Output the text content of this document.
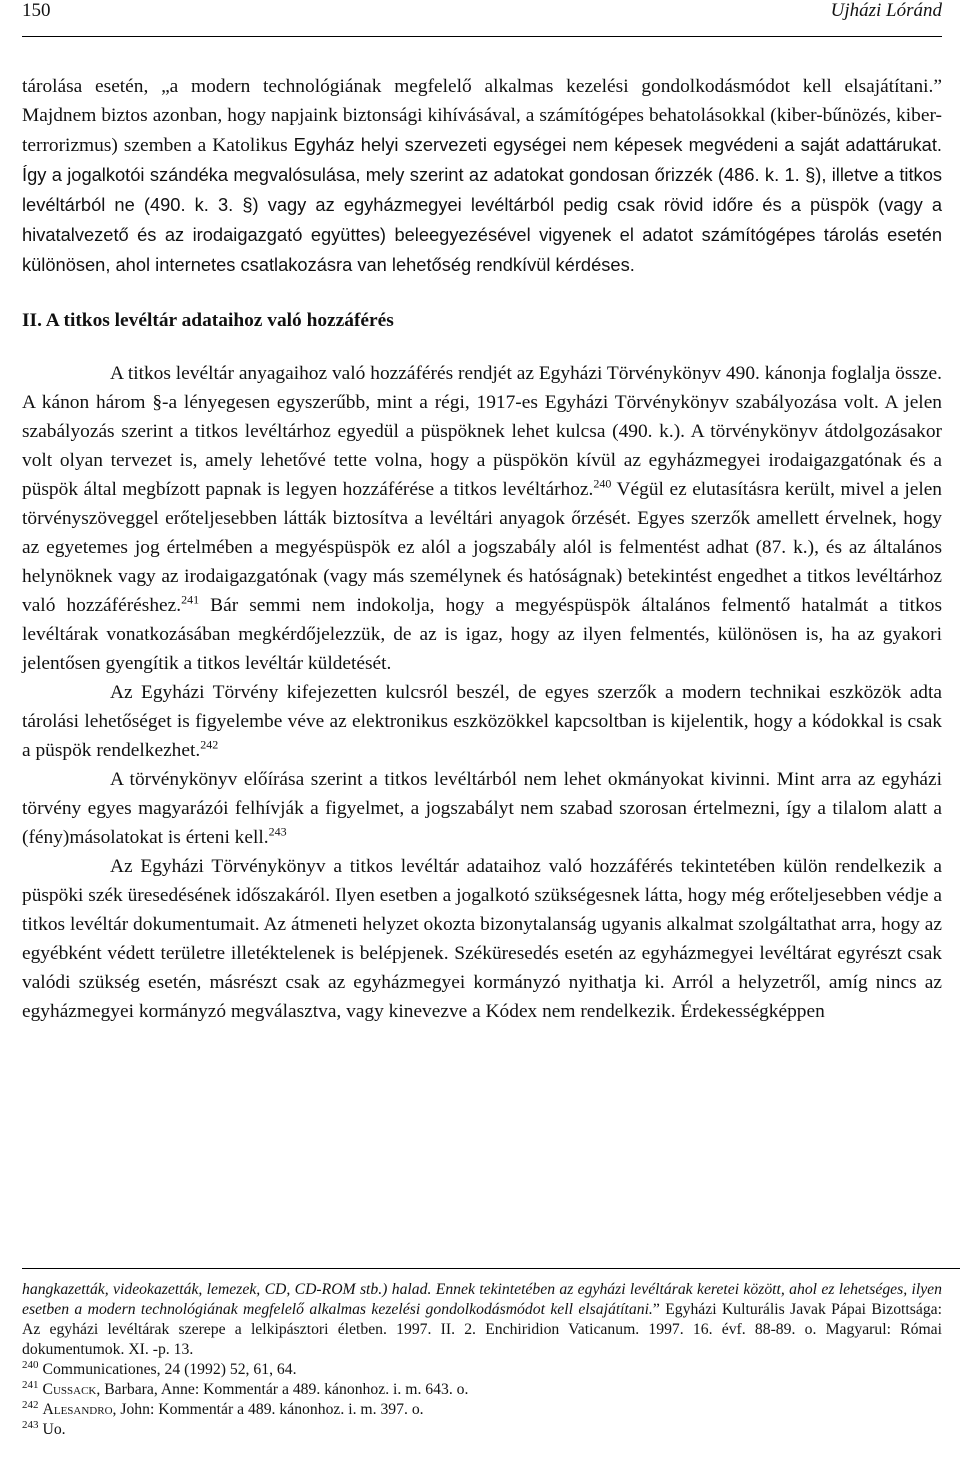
150	Ujházi Lóránd

tárolása esetén, „a modern technológiának megfelelő alkalmas kezelési gondolkodásmódot kell elsajátítani.” Majdnem biztos azonban, hogy napjaink biztonsági kihívásával, a számítógépes behatolásokkal (kiber-bűnözés, kiber-terrorizmus) szemben a Katolikus Egyház helyi szervezeti egységei nem képesek megvédeni a saját adattárukat. Így a jogalkotói szándéka megvalósulása, mely szerint az adatokat gondosan őrizzék (486. k. 1. §), illetve a titkos levéltárból ne (490. k. 3. §) vagy az egyházmegyei levéltárból pedig csak rövid időre és a püspök (vagy a hivatalvezető és az irodaigazgató együttes) beleegyezésével vigyenek el adatot számítógépes tárolás esetén különösen, ahol internetes csatlakozásra van lehetőség rendkívül kérdéses.

II. A titkos levéltár adataihoz való hozzáférés

A titkos levéltár anyagaihoz való hozzáférés rendjét az Egyházi Törvénykönyv 490. kánonja foglalja össze. A kánon három §-a lényegesen egyszerűbb, mint a régi, 1917-es Egyházi Törvénykönyv szabályozása volt. A jelen szabályozás szerint a titkos levéltárhoz egyedül a püspöknek lehet kulcsa (490. k.). A törvénykönyv átdolgozásakor volt olyan tervezet is, amely lehetővé tette volna, hogy a püspökön kívül az egyházmegyei irodaigazgatónak és a püspök által megbízott papnak is legyen hozzáférése a titkos levéltárhoz.$^{240}$ Végül ez elutasításra került, mivel a jelen törvényszöveggel erőteljesebben látták biztosítva a levéltári anyagok őrzését. Egyes szerzők amellett érvelnek, hogy az egyetemes jog értelmében a megyéspüspök ez alól a jogszabály alól is felmentést adhat (87. k.), és az általános helynöknek vagy az irodaigazgatónak (vagy más személynek és hatóságnak) betekintést engedhet a titkos levéltárhoz való hozzáféréshez.$^{241}$ Bár semmi nem indokolja, hogy a megyéspüspök általános felmentő hatalmát a titkos levéltárak vonatkozásában megkérdőjelezzük, de az is igaz, hogy az ilyen felmentés, különösen is, ha az gyakori jelentősen gyengítik a titkos levéltár küldetését.

Az Egyházi Törvény kifejezetten kulcsról beszél, de egyes szerzők a modern technikai eszközök adta tárolási lehetőséget is figyelembe véve az elektronikus eszközökkel kapcsoltban is kijelentik, hogy a kódokkal is csak a püspök rendelkezhet.$^{242}$

A törvénykönyv előírása szerint a titkos levéltárból nem lehet okmányokat kivinni. Mint arra az egyházi törvény egyes magyarázói felhívják a figyelmet, a jogszabályt nem szabad szorosan értelmezni, így a tilalom alatt a (fény)másolatokat is érteni kell.$^{243}$

Az Egyházi Törvénykönyv a titkos levéltár adataihoz való hozzáférés tekintetében külön rendelkezik a püspöki szék üresedésének időszakáról. Ilyen esetben a jogalkotó szükségesnek látta, hogy még erőteljesebben védje a titkos levéltár dokumentumait. Az átmeneti helyzet okozta bizonytalanság ugyanis alkalmat szolgáltathat arra, hogy az egyébként védett területre illetéktelenek is belépjenek. Széküresedés esetén az egyházmegyei levéltárat egyrészt csak valódi szükség esetén, másrészt csak az egyházmegyei kormányzó nyithatja ki. Arról a helyzetről, amíg nincs az egyházmegyei kormányzó megválasztva, vagy kinevezve a Kódex nem rendelkezik. Érdekességképpen

hangkazetták, videokazetták, lemezek, CD, CD-ROM stb.) halad. Ennek tekintetében az egyházi levéltárak keretei között, ahol ez lehetséges, ilyen esetben a modern technológiának megfelelő alkalmas kezelési gondolkodásmódot kell elsajátítani.” Egyházi Kulturális Javak Pápai Bizottsága: Az egyházi levéltárak szerepe a lelkipásztori életben. 1997. II. 2. Enchiridion Vaticanum. 1997. 16. évf. 88-89. o. Magyarul: Római dokumentumok. XI. -p. 13.

$^{240}$ Communicationes, 24 (1992) 52, 61, 64.

$^{241}$ Cussack, Barbara, Anne: Kommentár a 489. kánonhoz. i. m. 643. o.

$^{242}$ Alesandro, John: Kommentár a 489. kánonhoz. i. m. 397. o.

$^{243}$ Uo.
